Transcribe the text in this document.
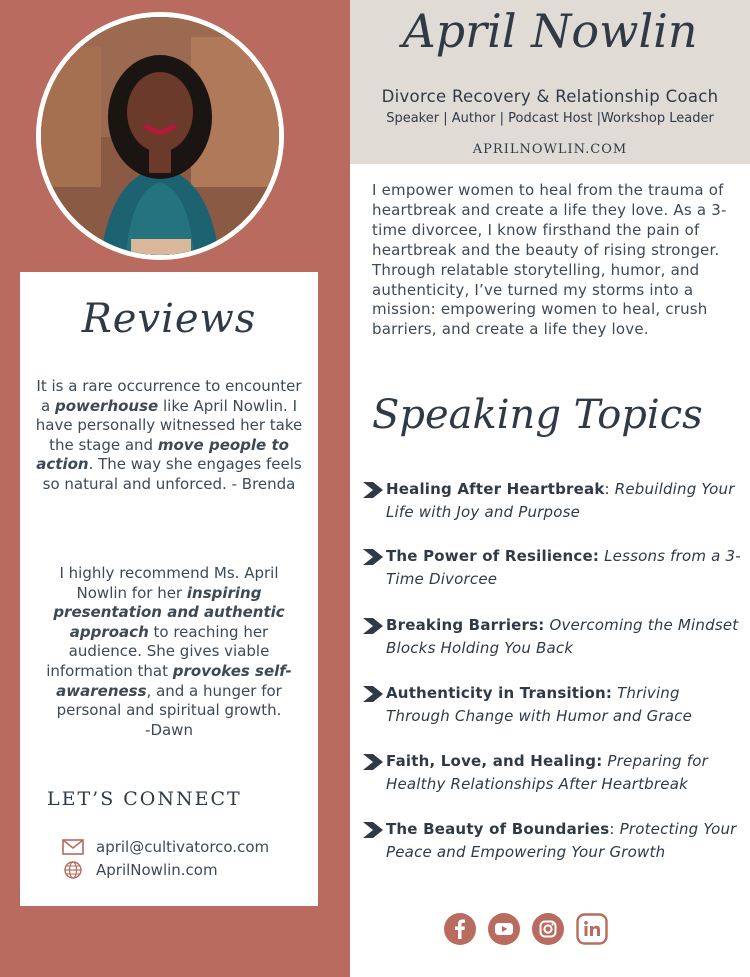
Reviews
It is a rare occurrence to encounter a powerhouse like April Nowlin. I have personally witnessed her take the stage and move people to action. The way she engages feels so natural and unforced. - Brenda
I highly recommend Ms. April Nowlin for her inspiring presentation and authentic approach to reaching her audience. She gives viable information that provokes self-awareness, and a hunger for personal and spiritual growth.
-Dawn
LET’S CONNECT
april@cultivatorco.com
AprilNowlin.com
April Nowlin
Divorce Recovery & Relationship Coach
Speaker | Author | Podcast Host |Workshop Leader
APRILNOWLIN.COM
I empower women to heal from the trauma of heartbreak and create a life they love. As a 3-time divorcee, I know firsthand the pain of heartbreak and the beauty of rising stronger. Through relatable storytelling, humor, and authenticity, I’ve turned my storms into a mission: empowering women to heal, crush barriers, and create a life they love.
Speaking Topics
Healing After Heartbreak: Rebuilding Your Life with Joy and Purpose
The Power of Resilience: Lessons from a 3-Time Divorcee
Breaking Barriers: Overcoming the Mindset Blocks Holding You Back
Authenticity in Transition: Thriving Through Change with Humor and Grace
Faith, Love, and Healing: Preparing for Healthy Relationships After Heartbreak
The Beauty of Boundaries: Protecting Your Peace and Empowering Your Growth
